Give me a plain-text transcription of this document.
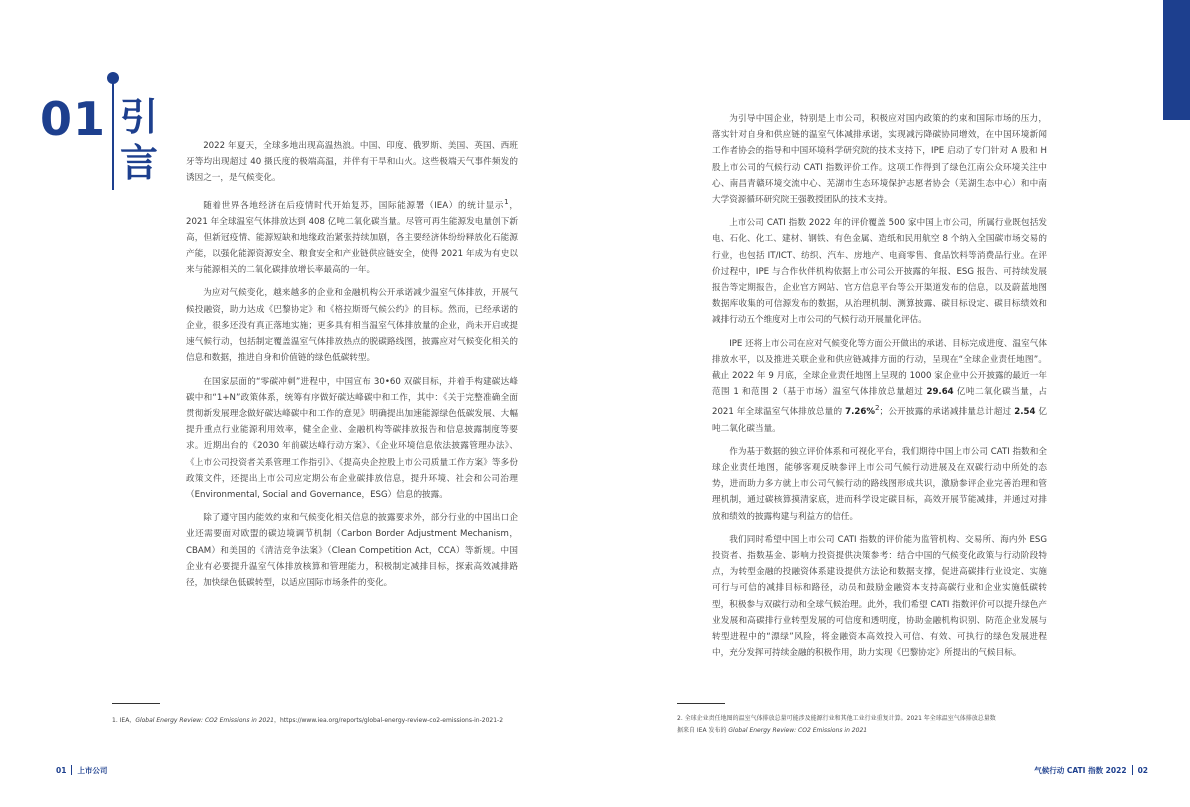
01 引
言	2022 年夏天，全球多地出现高温热浪。中国、印度、俄罗斯、美国、英国、西班牙等均出现超过 40 摄氏度的极端高温，并伴有干旱和山火。这些极端天气事件频发的诱因之一，是气候变化。

随着世界各地经济在后疫情时代开始复苏，国际能源署（IEA）的统计显示$^1$，2021 年全球温室气体排放达到 408 亿吨二氧化碳当量。尽管可再生能源发电量创下新高，但新冠疫情、能源短缺和地缘政治紧张持续加剧，各主要经济体纷纷释放化石能源产能，以强化能源资源安全、粮食安全和产业链供应链安全，使得 2021 年成为有史以来与能源相关的二氧化碳排放增长率最高的一年。

为应对气候变化，越来越多的企业和金融机构公开承诺减少温室气体排放，开展气候投融资，助力达成《巴黎协定》和《格拉斯哥气候公约》的目标。然而，已经承诺的企业，很多还没有真正落地实施；更多具有相当温室气体排放量的企业，尚未开启或提速气候行动，包括制定覆盖温室气体排放热点的脱碳路线图，披露应对气候变化相关的信息和数据，推进自身和价值链的绿色低碳转型。

在国家层面的“零碳冲刺”进程中，中国宣布 30•60 双碳目标，并着手构建碳达峰碳中和“1+N”政策体系，统筹有序做好碳达峰碳中和工作，其中：《关于完整准确全面贯彻新发展理念做好碳达峰碳中和工作的意见》明确提出加速能源绿色低碳发展、大幅提升重点行业能源利用效率，健全企业、金融机构等碳排放报告和信息披露制度等要求。近期出台的《2030 年前碳达峰行动方案》、《企业环境信息依法披露管理办法》、《上市公司投资者关系管理工作指引》、《提高央企控股上市公司质量工作方案》等多份政策文件，还提出上市公司应定期公布企业碳排放信息，提升环境、社会和公司治理（Environmental, Social and Governance，ESG）信息的披露。

除了遵守国内能效约束和气候变化相关信息的披露要求外，部分行业的中国出口企业还需要面对欧盟的碳边境调节机制（Carbon Border Adjustment Mechanism，CBAM）和美国的《清洁竞争法案》（Clean Competition Act，CCA）等新规。中国企业有必要提升温室气体排放核算和管理能力，积极制定减排目标，探索高效减排路径，加快绿色低碳转型，以适应国际市场条件的变化。

为引导中国企业，特别是上市公司，积极应对国内政策的约束和国际市场的压力，落实针对自身和供应链的温室气体减排承诺，实现减污降碳协同增效，在中国环境新闻工作者协会的指导和中国环境科学研究院的技术支持下，IPE 启动了专门针对 A 股和 H 股上市公司的气候行动 CATI 指数评价工作。这项工作得到了绿色江南公众环境关注中心、南昌青赣环境交流中心、芜湖市生态环境保护志愿者协会（芜湖生态中心）和中南大学资源循环研究院王强教授团队的技术支持。

上市公司 CATI 指数 2022 年的评价覆盖 500 家中国上市公司，所属行业既包括发电、石化、化工、建材、钢铁、有色金属、造纸和民用航空 8 个纳入全国碳市场交易的行业，也包括 IT/ICT、纺织、汽车、房地产、电商零售、食品饮料等消费品行业。在评价过程中，IPE 与合作伙伴机构依据上市公司公开披露的年报、ESG 报告、可持续发展报告等定期报告，企业官方网站、官方信息平台等公开渠道发布的信息，以及蔚蓝地图数据库收集的可信源发布的数据，从治理机制、测算披露、碳目标设定、碳目标绩效和减排行动五个维度对上市公司的气候行动开展量化评估。

IPE 还将上市公司在应对气候变化等方面公开做出的承诺、目标完成进度、温室气体排放水平，以及推进关联企业和供应链减排方面的行动，呈现在“全球企业责任地图”。截止 2022 年 9 月底，全球企业责任地图上呈现的 1000 家企业中公开披露的最近一年范围 1 和范围 2（基于市场）温室气体排放总量超过 29.64 亿吨二氧化碳当量，占 2021 年全球温室气体排放总量的 7.26%$^2$；公开披露的承诺减排量总计超过 2.54 亿吨二氧化碳当量。

作为基于数据的独立评价体系和可视化平台，我们期待中国上市公司 CATI 指数和全球企业责任地图，能够客观反映参评上市公司气候行动进展及在双碳行动中所处的态势，进而助力多方就上市公司气候行动的路线图形成共识，激励参评企业完善治理和管理机制，通过碳核算摸清家底，进而科学设定碳目标，高效开展节能减排，并通过对排放和绩效的披露构建与利益方的信任。

我们同时希望中国上市公司 CATI 指数的评价能为监管机构、交易所、海内外 ESG 投资者、指数基金、影响力投资提供决策参考：结合中国的气候变化政策与行动阶段特点，为转型金融的投融资体系建设提供方法论和数据支撑，促进高碳排行业设定、实施可行与可信的减排目标和路径，动员和鼓励金融资本支持高碳行业和企业实施低碳转型，积极参与双碳行动和全球气候治理。此外，我们希望 CATI 指数评价可以提升绿色产业发展和高碳排行业转型发展的可信度和透明度，协助金融机构识别、防范企业发展与转型进程中的“漂绿”风险，将金融资本高效投入可信、有效、可执行的绿色发展进程中，充分发挥可持续金融的积极作用，助力实现《巴黎协定》所提出的气候目标。

1. IEA，Global Energy Review: CO2 Emissions in 2021，https://www.iea.org/reports/global-energy-review-co2-emissions-in-2021-2	2. 全球企业责任地图的温室气体排放总量可能涉及能源行业和其他工业行业重复计算。2021 年全球温室气体排放总量数
据来自 IEA 发布的 Global Energy Review: CO2 Emissions in 2021
01 上市公司	气候行动 CATI 指数 2022 02
